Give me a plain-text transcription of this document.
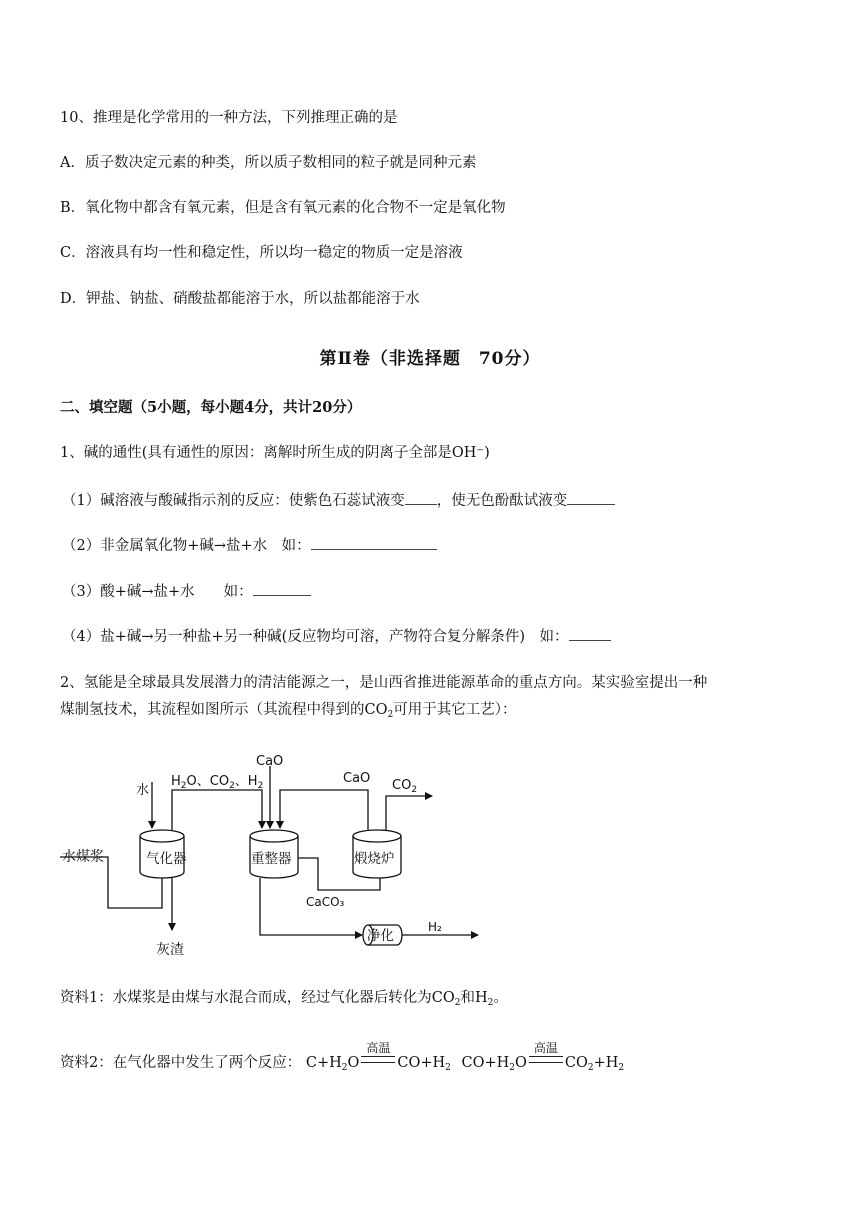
10、推理是化学常用的一种方法，下列推理正确的是
A．质子数决定元素的种类，所以质子数相同的粒子就是同种元素
B．氧化物中都含有氧元素，但是含有氧元素的化合物不一定是氧化物
C．溶液具有均一性和稳定性，所以均一稳定的物质一定是溶液
D．钾盐、钠盐、硝酸盐都能溶于水，所以盐都能溶于水
第Ⅱ卷（非选择题　70分）
二、填空题（5小题，每小题4分，共计20分）
1、碱的通性(具有通性的原因：离解时所生成的阴离子全部是OH⁻)
（1）碱溶液与酸碱指示剂的反应：使紫色石蕊试液变 ，使无色酚酞试液变
（2）非金属氧化物+碱→盐+水　如：
（3）酸+碱→盐+水　　如：
（4）盐+碱→另一种盐+另一种碱(反应物均可溶，产物符合复分解条件)　如：
2、氢能是全球最具发展潜力的清洁能源之一，是山西省推进能源革命的重点方向。某实验室提出一种
煤制氢技术，其流程如图所示（其流程中得到的$CO_2$可用于其它工艺）：
水
水煤浆	气化器	重整器	煅烧炉
灰渣
CaO
CaO $CO_2$
$H_2O$、$CO_2$、$H_2$
CaCO₃
净化
H₂
资料1：水煤浆是由煤与水混合而成，经过气化器后转化为$CO_2$和$H_2$。
资料2：在气化器中发生了两个反应： $C+H_2O$
高温
$CO+H_2$ $CO+H_2O$
高温
$CO_2+H_2$
